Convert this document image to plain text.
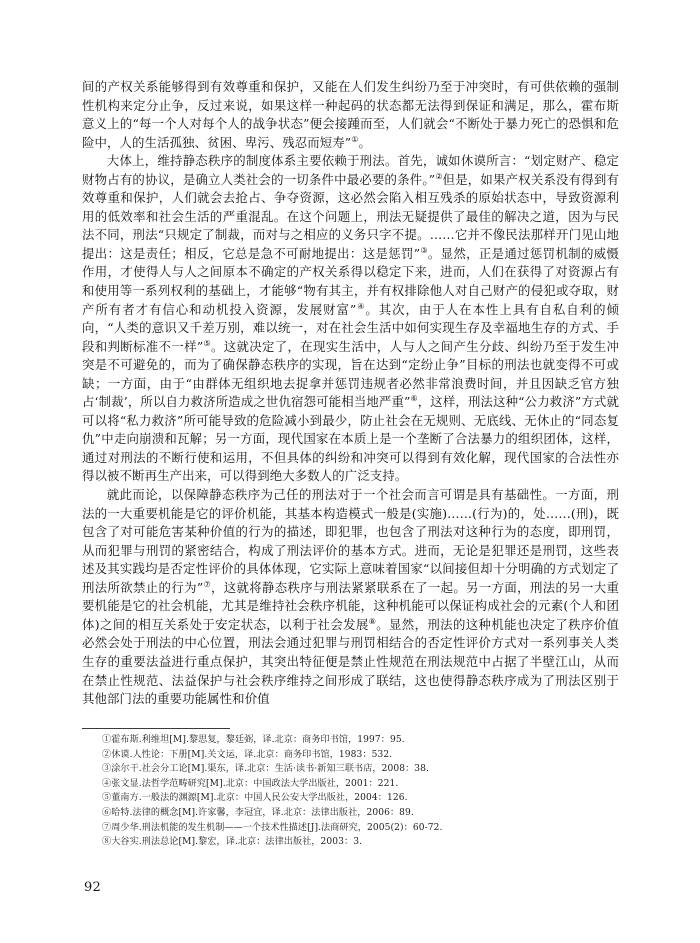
间的产权关系能够得到有效尊重和保护，又能在人们发生纠纷乃至于冲突时，有可供依赖的强制性机构来定分止争，反过来说，如果这样一种起码的状态都无法得到保证和满足，那么，霍布斯意义上的“每一个人对每个人的战争状态”便会接踵而至，人们就会“不断处于暴力死亡的恐惧和危险中，人的生活孤独、贫困、卑污、残忍而短寿”①。

大体上，维持静态秩序的制度体系主要依赖于刑法。首先，诚如休谟所言：“划定财产、稳定财物占有的协议，是确立人类社会的一切条件中最必要的条件。”②但是，如果产权关系没有得到有效尊重和保护，人们就会去抢占、争夺资源，这必然会陷入相互残杀的原始状态中，导致资源利用的低效率和社会生活的严重混乱。在这个问题上，刑法无疑提供了最佳的解决之道，因为与民法不同，刑法“只规定了制裁，而对与之相应的义务只字不提。……它并不像民法那样开门见山地提出：这是责任；相反，它总是急不可耐地提出：这是惩罚”③。显然，正是通过惩罚机制的威慑作用，才使得人与人之间原本不确定的产权关系得以稳定下来，进而，人们在获得了对资源占有和使用等一系列权利的基础上，才能够“物有其主，并有权排除他人对自己财产的侵犯或夺取，财产所有者才有信心和动机投入资源，发展财富”④。其次，由于人在本性上具有自私自利的倾向，“人类的意识又千差万别，难以统一，对在社会生活中如何实现生存及幸福地生存的方式、手段和判断标准不一样”⑤。这就决定了，在现实生活中，人与人之间产生分歧、纠纷乃至于发生冲突是不可避免的，而为了确保静态秩序的实现，旨在达到“定纷止争”目标的刑法也就变得不可或缺；一方面，由于“由群体无组织地去捉拿并惩罚违规者必然非常浪费时间，并且因缺乏官方独占‘制裁’，所以自力救济所造成之世仇宿怨可能相当地严重”⑥，这样，刑法这种“公力救济”方式就可以将“私力救济”所可能导致的危险减小到最少，防止社会在无规则、无底线、无休止的“同态复仇”中走向崩溃和瓦解；另一方面，现代国家在本质上是一个垄断了合法暴力的组织团体，这样，通过对刑法的不断行使和运用，不但具体的纠纷和冲突可以得到有效化解，现代国家的合法性亦得以被不断再生产出来，可以得到绝大多数人的广泛支持。

就此而论，以保障静态秩序为己任的刑法对于一个社会而言可谓是具有基础性。一方面，刑法的一大重要机能是它的评价机能，其基本构造模式一般是(实施)……(行为)的，处……(刑)，既包含了对可能危害某种价值的行为的描述，即犯罪，也包含了刑法对这种行为的态度，即刑罚，从而犯罪与刑罚的紧密结合，构成了刑法评价的基本方式。进而，无论是犯罪还是刑罚，这些表述及其实践均是否定性评价的具体体现，它实际上意味着国家“以间接但却十分明确的方式划定了刑法所欲禁止的行为”⑦，这就将静态秩序与刑法紧紧联系在了一起。另一方面，刑法的另一大重要机能是它的社会机能，尤其是维持社会秩序机能，这种机能可以保证构成社会的元素(个人和团体)之间的相互关系处于安定状态，以利于社会发展⑧。显然，刑法的这种机能也决定了秩序价值必然会处于刑法的中心位置，刑法会通过犯罪与刑罚相结合的否定性评价方式对一系列事关人类生存的重要法益进行重点保护，其突出特征便是禁止性规范在刑法规范中占据了半壁江山，从而在禁止性规范、法益保护与社会秩序维持之间形成了联结，这也使得静态秩序成为了刑法区别于其他部门法的重要功能属性和价值

①霍布斯.利维坦[M].黎思复，黎廷弼，译.北京：商务印书馆，1997：95.
②休谟.人性论：下册[M].关文运，译.北京：商务印书馆，1983：532.
③涂尔干.社会分工论[M].渠东，译.北京：生活·读书·新知三联书店，2008：38.
④张文显.法哲学范畴研究[M].北京：中国政法大学出版社，2001：221.
⑤董南方.一般法的渊源[M].北京：中国人民公安大学出版社，2004：126.
⑥哈特.法律的概念[M].许家馨，李冠宜，译.北京：法律出版社，2006：89.
⑦周少华.刑法机能的发生机制——一个技术性描述[J].法商研究，2005(2)：60-72.
⑧大谷实.刑法总论[M].黎宏，译.北京：法律出版社，2003：3.
92
